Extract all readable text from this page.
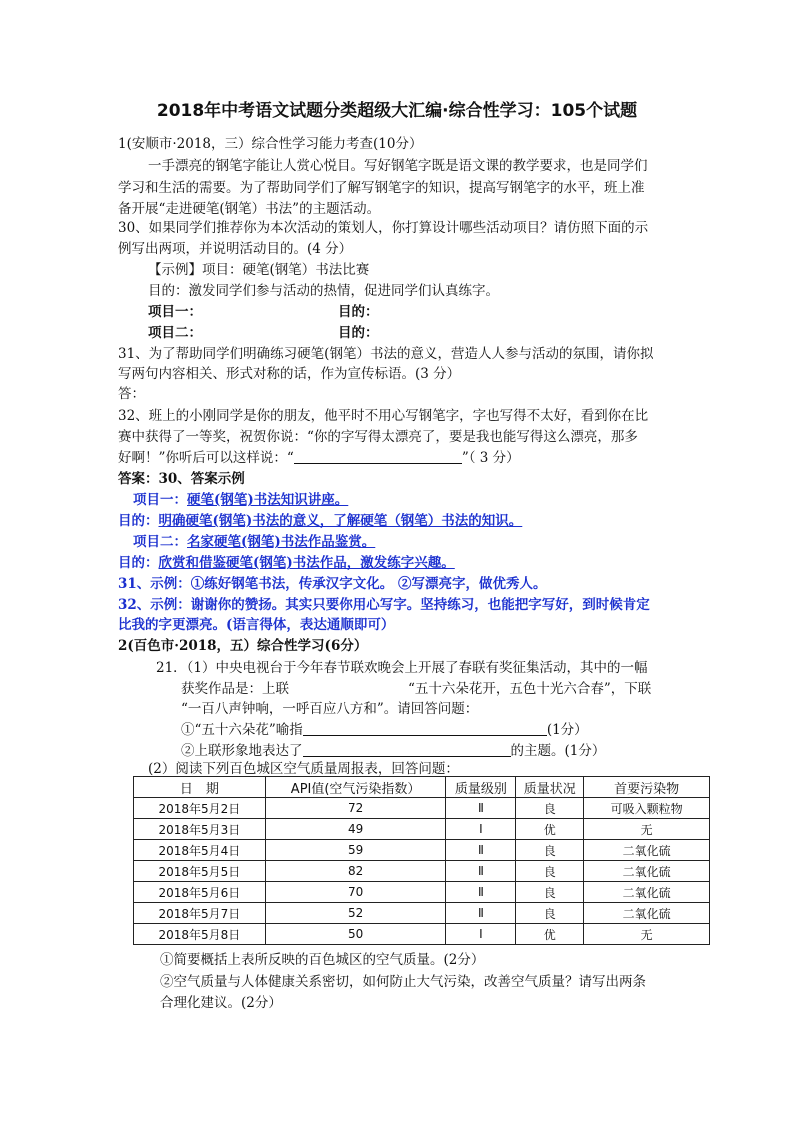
2018年中考语文试题分类超级大汇编·综合性学习：105个试题
1(安顺市·2018，三）综合性学习能力考查(10分）
一手漂亮的钢笔字能让人赏心悦目。写好钢笔字既是语文课的教学要求，也是同学们
学习和生活的需要。为了帮助同学们了解写钢笔字的知识，提高写钢笔字的水平，班上准
备开展“走进硬笔(钢笔）书法”的主题活动。
30、如果同学们推荐你为本次活动的策划人，你打算设计哪些活动项目？请仿照下面的示
例写出两项，并说明活动目的。(4 分）
【示例】项目：硬笔(钢笔）书法比赛
目的：激发同学们参与活动的热情，促进同学们认真练字。
项目一：	目的：
项目二：	目的：
31、为了帮助同学们明确练习硬笔(钢笔）书法的意义，营造人人参与活动的氛围，请你拟
写两句内容相关、形式对称的话，作为宣传标语。(3 分）
答：
32、班上的小刚同学是你的朋友，他平时不用心写钢笔字，字也写得不太好，看到你在比
赛中获得了一等奖，祝贺你说：“你的字写得太漂亮了，要是我也能写得这么漂亮，那多
好啊！”你听后可以这样说：“	”（ 3 分）
答案：30、答案示例
项目一：硬笔(钢笔)书法知识讲座。
目的：明确硬笔(钢笔)书法的意义，了解硬笔（钢笔）书法的知识。
项目二：名家硬笔(钢笔)书法作品鉴赏。
目的：欣赏和借鉴硬笔(钢笔)书法作品，激发练字兴趣。
31、示例：①练好钢笔书法，传承汉字文化。 ②写漂亮字，做优秀人。
32、示例：谢谢你的赞扬。其实只要你用心写字。坚持练习，也能把字写好，到时候肯定
比我的字更漂亮。(语言得体，表达通顺即可）
2(百色市·2018，五）综合性学习(6分）
21．（1）中央电视台于今年春节联欢晚会上开展了春联有奖征集活动，其中的一幅
获奖作品是：上联	“五十六朵花开，五色十光六合春”，下联
“一百八声钟响，一呼百应八方和”。请回答问题：
①“五十六朵花”喻指	(1分）
②上联形象地表达了	的主题。(1分）
(2）阅读下列百色城区空气质量周报表，回答问题：
日　期	API值(空气污染指数）	质量级别	质量状况	首要污染物
2018年5月2日	72	Ⅱ	良	可吸入颗粒物
2018年5月3日	49	Ⅰ	优	无
2018年5月4日	59	Ⅱ	良	二氧化硫
2018年5月5日	82	Ⅱ	良	二氧化硫
2018年5月6日	70	Ⅱ	良	二氧化硫
2018年5月7日	52	Ⅱ	良	二氧化硫
2018年5月8日	50	Ⅰ	优	无
①简要概括上表所反映的百色城区的空气质量。(2分）
②空气质量与人体健康关系密切，如何防止大气污染，改善空气质量？请写出两条
合理化建议。(2分）
